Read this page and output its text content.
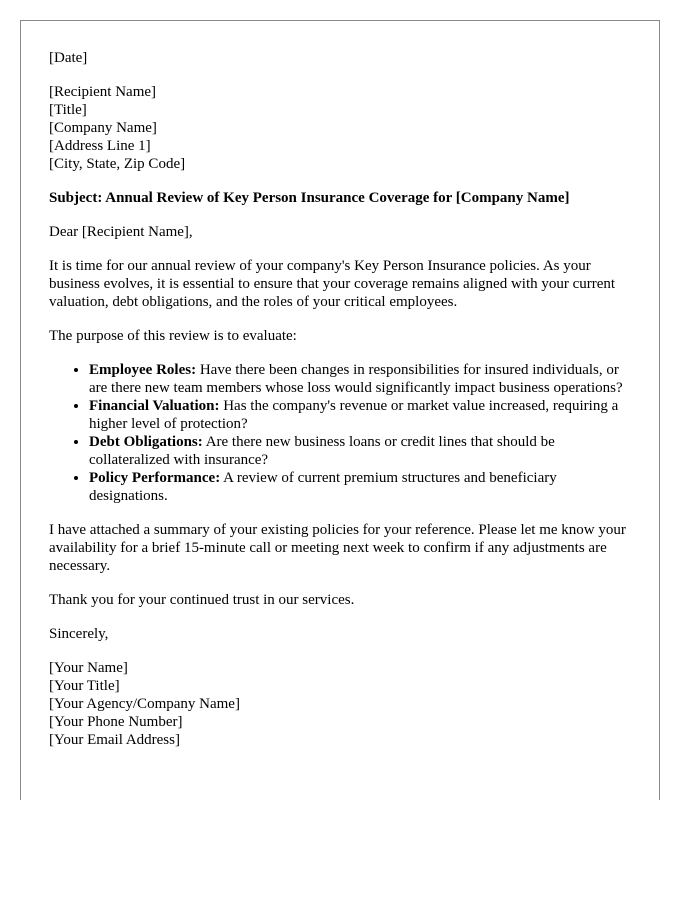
[Date]

[Recipient Name]
[Title]
[Company Name]
[Address Line 1]
[City, State, Zip Code]

Subject: Annual Review of Key Person Insurance Coverage for [Company Name]

Dear [Recipient Name],

It is time for our annual review of your company's Key Person Insurance policies. As your business evolves, it is essential to ensure that your coverage remains aligned with your current valuation, debt obligations, and the roles of your critical employees.

The purpose of this review is to evaluate:

• Employee Roles: Have there been changes in responsibilities for insured individuals, or are there new team members whose loss would significantly impact business operations?
• Financial Valuation: Has the company's revenue or market value increased, requiring a higher level of protection?
• Debt Obligations: Are there new business loans or credit lines that should be collateralized with insurance?
• Policy Performance: A review of current premium structures and beneficiary designations.

I have attached a summary of your existing policies for your reference. Please let me know your availability for a brief 15-minute call or meeting next week to confirm if any adjustments are necessary.

Thank you for your continued trust in our services.

Sincerely,

[Your Name]
[Your Title]
[Your Agency/Company Name]
[Your Phone Number]
[Your Email Address]
